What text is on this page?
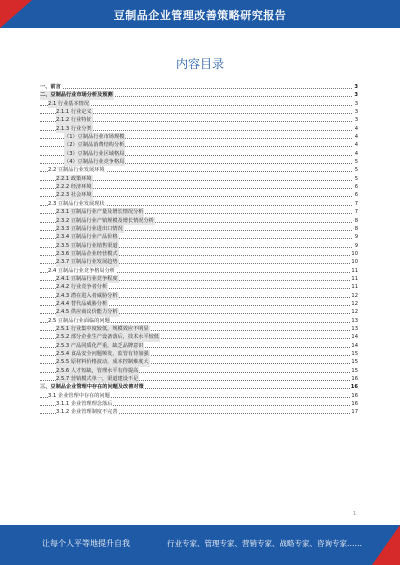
豆制品企业管理改善策略研究报告
内容目录
一、前言	3
二、豆制品行业市场分析及预测	3
2.1 行业基本情况	3
2.1.1 行业定义	3
2.1.2 行业特征	3
2.1.3 行业分类	4
（1）豆制品行业市场规模	4
（2）豆制品消费结构分析	4
（3）豆制品行业区域格局	4
（4）豆制品行业竞争格局	5
2.2 豆制品行业发展环境	5
2.2.1 政策环境	5
2.2.2 经济环境	6
2.2.3 社会环境	6
2.3 豆制品行业发展现状	7
2.3.1 豆制品行业产量及增长情况分析	7
2.3.2 豆制品行业产销规模及增长情况分析	8
2.3.3 豆制品行业进出口情况	8
2.3.4 豆制品行业产品价格	9
2.3.5 豆制品行业销售渠道	9
2.3.6 豆制品企业经营模式	10
2.3.7 豆制品行业发展趋势	10
2.4 豆制品行业竞争格局分析	11
2.4.1 豆制品行业竞争程度	11
2.4.2 行业竞争者分析	11
2.4.3 潜在进入者威胁分析	12
2.4.4 替代品威胁分析	12
2.4.5 供应商议价能力分析	12
2.5 豆制品行业面临的问题	13
2.5.1 行业集中度较低，规模效应不明显	13
2.5.2 部分企业生产设备落后，技术水平较低	14
2.5.3 产品同质化严重，缺乏品牌意识	14
2.5.4 食品安全问题频发，监管有待加强	15
2.5.5 原材料价格波动，成本控制难度大	15
2.5.6 人才短缺，管理水平有待提高	15
2.5.7 营销模式单一，渠道建设不足	16
三、豆制品企业管理中存在的问题及改善对策	16
3.1 企业管理中存在的问题	16
3.1.1 企业管理理念落后	16
3.1.2 企业管理制度不完善	17
1
让每个人平等地提升自我	行业专家、管理专家、营销专家、战略专家、咨询专家……
